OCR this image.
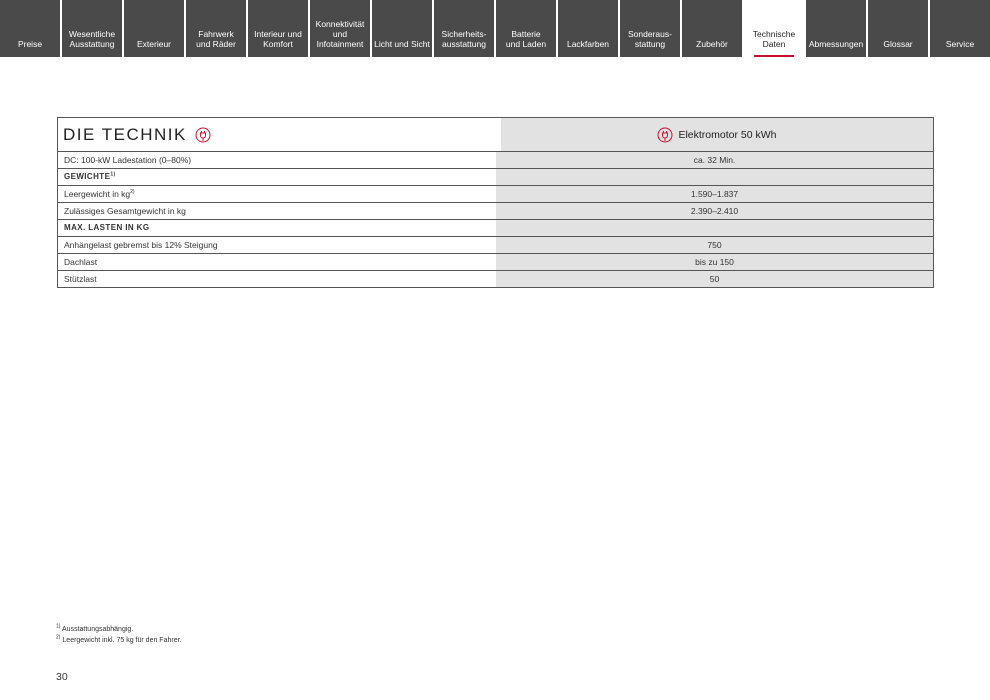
Preise
Wesentliche
Ausstattung	Exterieur
Fahrwerk
und Räder
Interieur und
Komfort
Konnektivität
und
Infotainment Licht und Sicht
Sicherheits-
ausstattung
Batterie
und Laden Lackfarben
Sonderaus-
stattung	Zubehör
Technische
Daten	Abmessungen Glossar	Service
DIE TECHNIK	Elektromotor 50 kWh
DC: 100-kW Ladestation (0–80%)	ca. 32 Min.
GEWICHTE$^{1)}$
Leergewicht in $kg^{2)}$	1.590–1.837
Zulässiges Gesamtgewicht in kg	2.390–2.410
MAX. LASTEN IN KG
Anhängelast gebremst bis 12% Steigung	750
Dachlast	bis zu 150
Stützlast	50
$^{1)}$ Ausstattungsabhängig.
$^{2)}$ Leergewicht inkl. 75 kg für den Fahrer.
30
